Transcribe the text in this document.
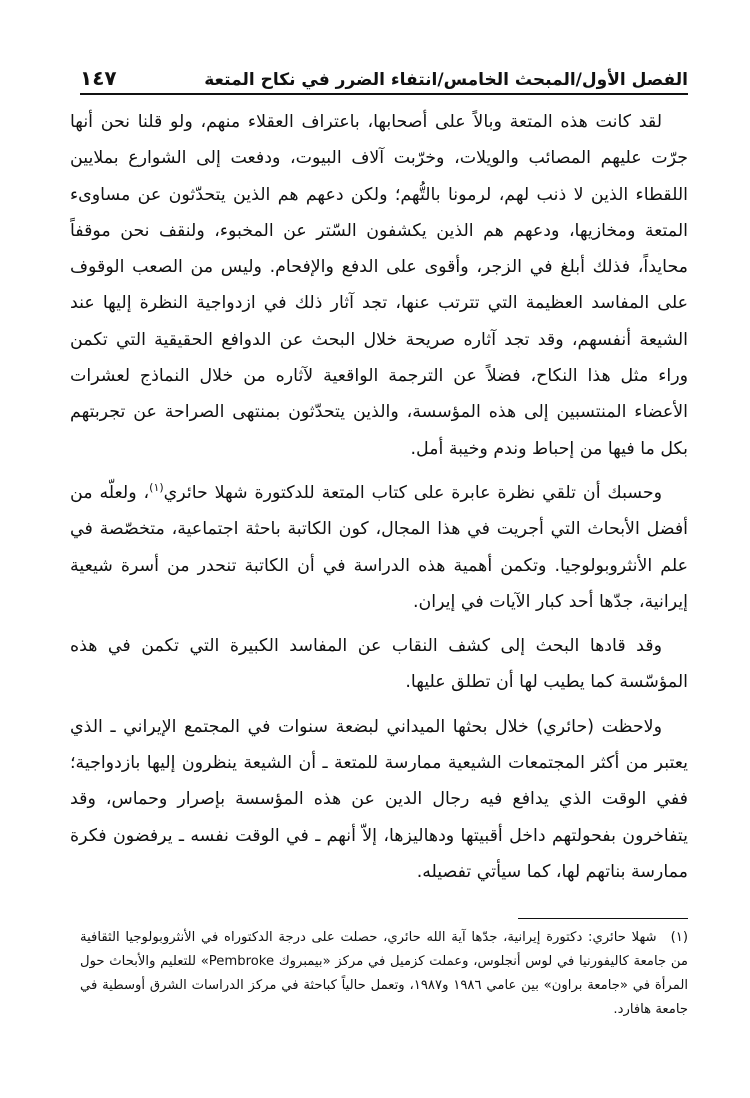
الفصل الأول/المبحث الخامس/انتفاء الضرر في نكاح المتعة
١٤٧

لقد كانت هذه المتعة وبالاً على أصحابها، باعتراف العقلاء منهم، ولو قلنا نحن أنها جرّت عليهم المصائب والويلات، وخرّبت آلاف البيوت، ودفعت إلى الشوارع بملايين اللقطاء الذين لا ذنب لهم، لرمونا بالتُّهم؛ ولكن دعهم هم الذين يتحدّثون عن مساوىء المتعة ومخازيها، ودعهم هم الذين يكشفون السّتر عن المخبوء، ولنقف نحن موقفاً محايداً، فذلك أبلغ في الزجر، وأقوى على الدفع والإفحام. وليس من الصعب الوقوف على المفاسد العظيمة التي تترتب عنها، تجد آثار ذلك في ازدواجية النظرة إليها عند الشيعة أنفسهم، وقد تجد آثاره صريحة خلال البحث عن الدوافع الحقيقية التي تكمن وراء مثل هذا النكاح، فضلاً عن الترجمة الواقعية لآثاره من خلال النماذج لعشرات الأعضاء المنتسبين إلى هذه المؤسسة، والذين يتحدّثون بمنتهى الصراحة عن تجربتهم بكل ما فيها من إحباط وندم وخيبة أمل.

وحسبك أن تلقي نظرة عابرة على كتاب المتعة للدكتورة شهلا حائري$^{(١)}$، ولعلّه من أفضل الأبحاث التي أجريت في هذا المجال، كون الكاتبة باحثة اجتماعية، متخصّصة في علم الأنثروبولوجيا. وتكمن أهمية هذه الدراسة في أن الكاتبة تنحدر من أسرة شيعية إيرانية، جدّها أحد كبار الآيات في إيران.

وقد قادها البحث إلى كشف النقاب عن المفاسد الكبيرة التي تكمن في هذه المؤسّسة كما يطيب لها أن تطلق عليها.

ولاحظت (حائري) خلال بحثها الميداني لبضعة سنوات في المجتمع الإيراني ـ الذي يعتبر من أكثر المجتمعات الشيعية ممارسة للمتعة ـ أن الشيعة ينظرون إليها بازدواجية؛ ففي الوقت الذي يدافع فيه رجال الدين عن هذه المؤسسة بإصرار وحماس، وقد يتفاخرون بفحولتهم داخل أقبيتها ودهاليزها، إلاّ أنهم ـ في الوقت نفسه ـ يرفضون فكرة ممارسة بناتهم لها، كما سيأتي تفصيله.

(١)شهلا حائري: دكتورة إيرانية، جدّها آية الله حائري، حصلت على درجة الدكتوراه في الأنثروبولوجيا الثقافية من جامعة كاليفورنيا في لوس أنجلوس، وعملت كزميل في مركز «بيمبروك Pembroke» للتعليم والأبحاث حول المرأة في «جامعة براون» بين عامي ١٩٨٦ و١٩٨٧، وتعمل حالياً كباحثة في مركز الدراسات الشرق أوسطية في جامعة هافارد.
